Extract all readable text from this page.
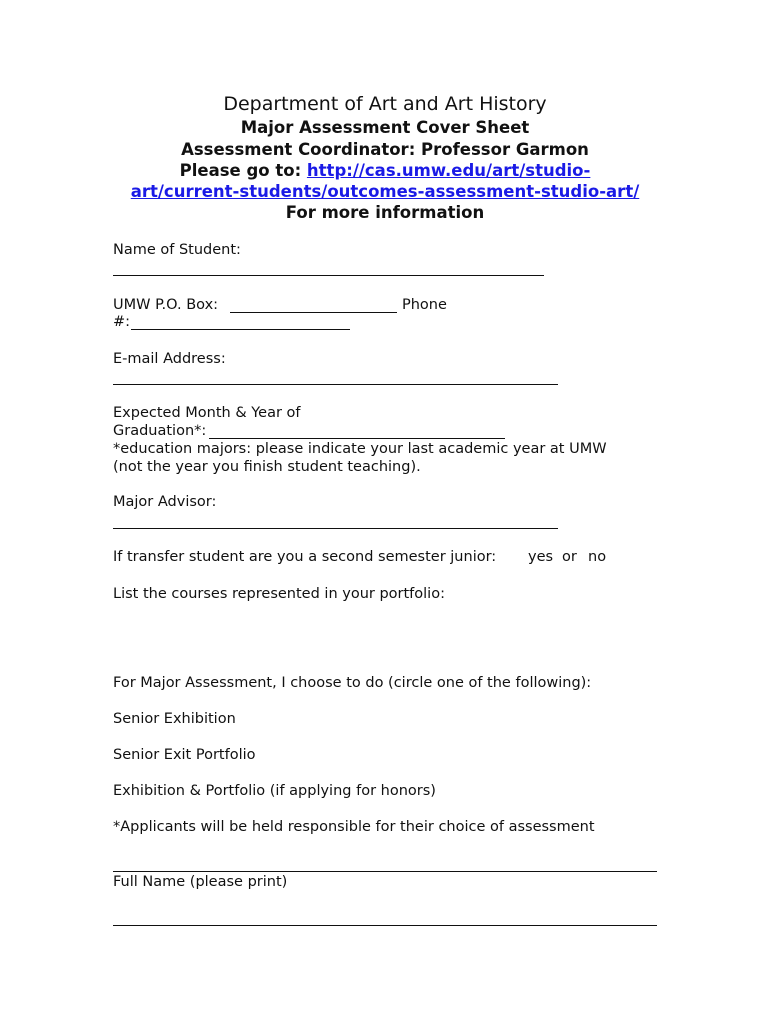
Department of Art and Art History
Major Assessment Cover Sheet
Assessment Coordinator: Professor Garmon
Please go to: http://cas.umw.edu/art/studio-
art/current-students/outcomes-assessment-studio-art/
For more information
Name of Student:
UMW P.O. Box:	Phone
#:
E-mail Address:
Expected Month & Year of
Graduation*:
*education majors: please indicate your last academic year at UMW
(not the year you finish student teaching).
Major Advisor:
If transfer student are you a second semester junior: yes or no
List the courses represented in your portfolio:
For Major Assessment, I choose to do (circle one of the following):
Senior Exhibition
Senior Exit Portfolio
Exhibition & Portfolio (if applying for honors)
*Applicants will be held responsible for their choice of assessment
Full Name (please print)
